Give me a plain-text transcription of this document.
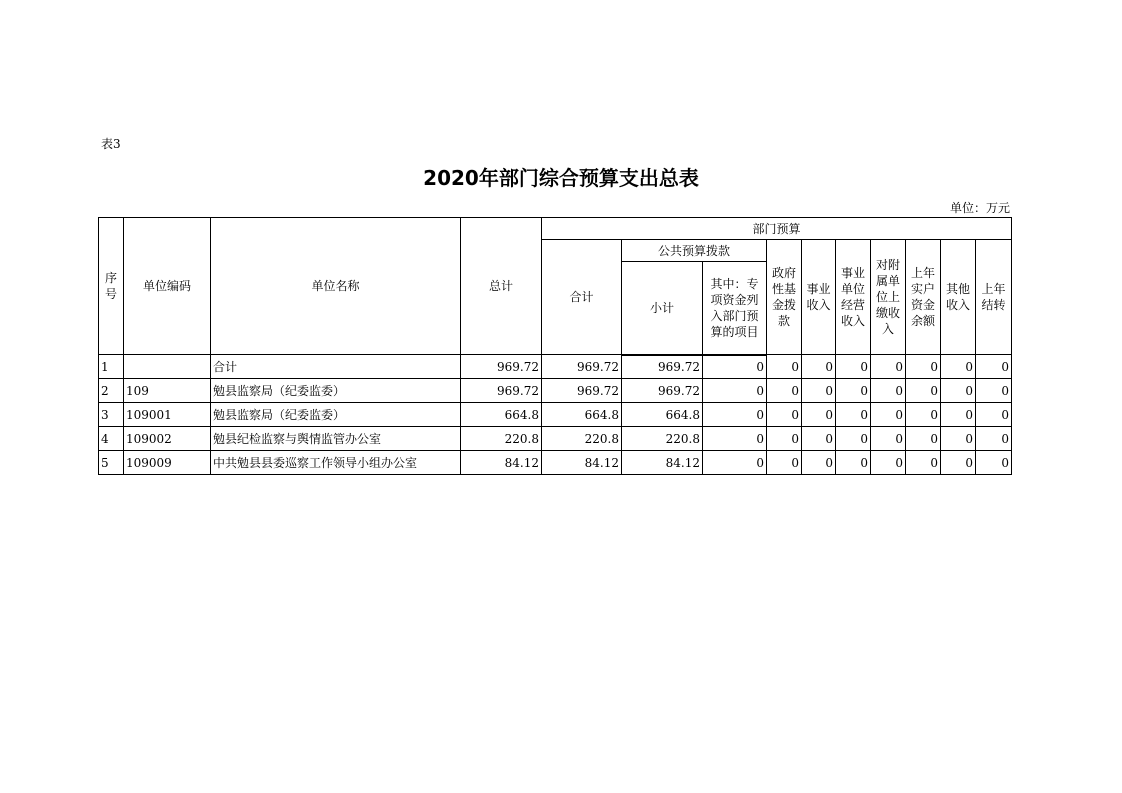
表3
2020年部门综合预算支出总表
单位：万元
序号	单位编码	单位名称	总计	部门预算									
				合计	公共预算拨款		政府性基金拨款	事业收入	事业单位经营收入	对附属单位上缴收入	上年实户资金余额	其他收入	上年结转
					小计	其中：专项资金列入部门预算的项目							
1		合计	969.72	969.72	969.72	0	0	0	0	0	0	0	0
2	109	勉县监察局（纪委监委）	969.72	969.72	969.72	0	0	0	0	0	0	0	0
3	109001	勉县监察局（纪委监委）	664.8	664.8	664.8	0	0	0	0	0	0	0	0
4	109002	勉县纪检监察与舆情监管办公室	220.8	220.8	220.8	0	0	0	0	0	0	0	0
5	109009	中共勉县县委巡察工作领导小组办公室	84.12	84.12	84.12	0	0	0	0	0	0	0	0
